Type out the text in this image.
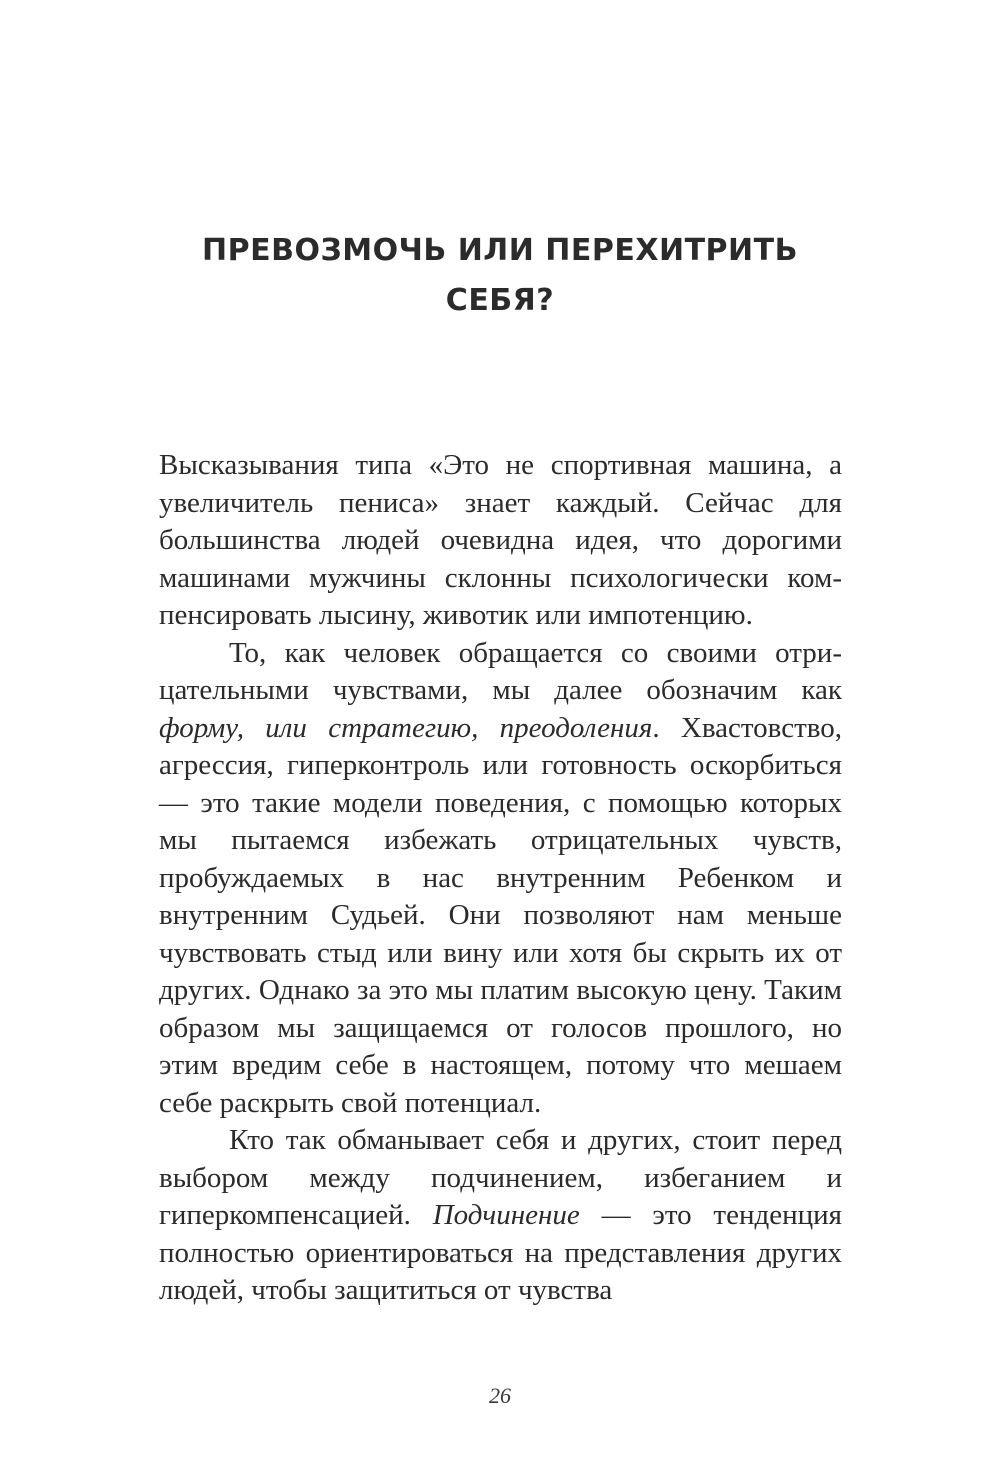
ПРЕВОЗМОЧЬ ИЛИ ПЕРЕХИТРИТЬ
СЕБЯ?

Высказывания типа «Это не спортивная машина, а увеличитель пениса» знает каждый. Сейчас для большинства людей очевидна идея, что дорогими машинами мужчины склонны психологически компенсировать лысину, животик или импотенцию.

То, как человек обращается со своими отрицательными чувствами, мы далее обозначим как форму, или стратегию, преодоления. Хвастовство, агрессия, гиперконтроль или готовность оскорбиться — это такие модели поведения, с помощью которых мы пытаемся избежать отрицательных чувств, пробуждаемых в нас внутренним Ребенком и внутренним Судьей. Они позволяют нам меньше чувствовать стыд или вину или хотя бы скрыть их от других. Однако за это мы платим высокую цену. Таким образом мы защищаемся от голосов прошлого, но этим вредим себе в настоящем, потому что мешаем себе раскрыть свой потенциал.

Кто так обманывает себя и других, стоит перед выбором между подчинением, избеганием и гиперкомпенсацией. Подчинение — это тенденция полностью ориентироваться на представления других людей, чтобы защититься от чувства

26
